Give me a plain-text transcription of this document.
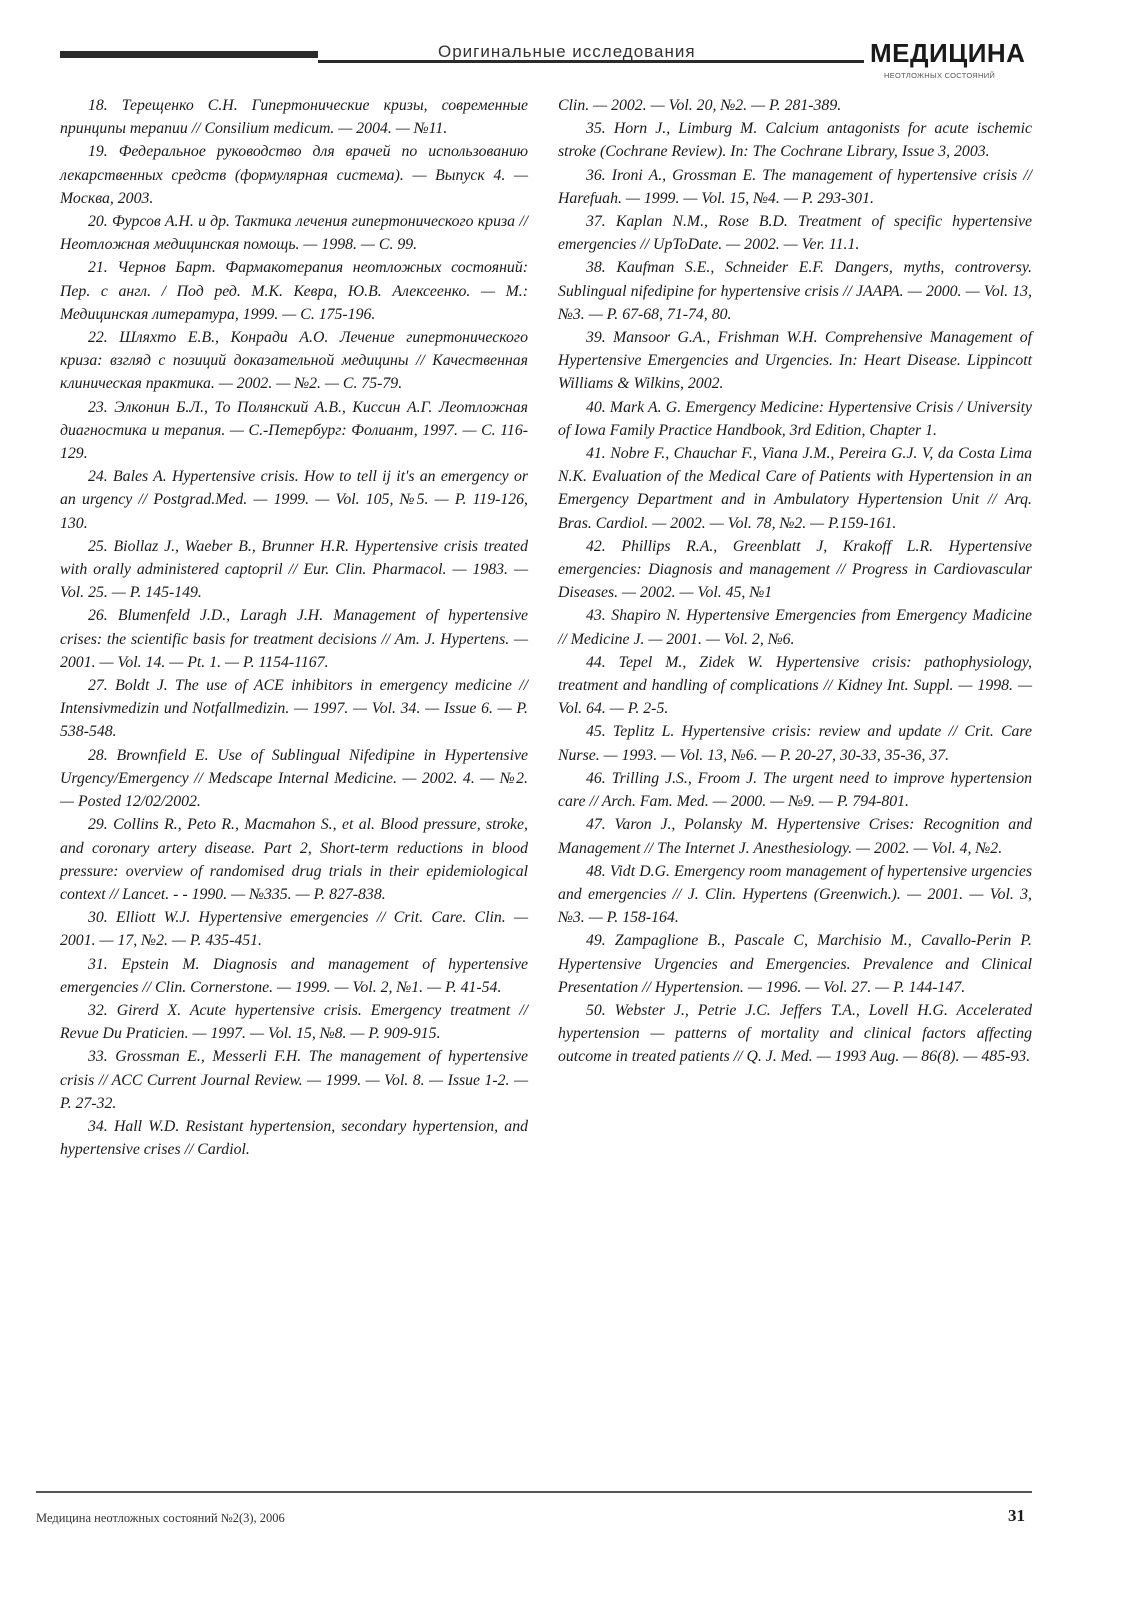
Оригинальные исследования	МЕДИЦИНА
НЕОТЛОЖНЫХ СОСТОЯНИЙ

18. Терещенко С.Н. Гипертонические кризы, современные принципы терапии // Consilium medicum. — 2004. — №11.

19. Федеральное руководство для врачей по использованию лекарственных средств (формулярная система). — Выпуск 4. — Москва, 2003.

20. Фурсов А.Н. и др. Тактика лечения гипертонического криза // Неотложная медицинская помощь. — 1998. — С. 99.

21. Чернов Барт. Фармакотерапия неотложных состояний: Пер. с англ. / Под ред. М.К. Кевра, Ю.В. Алексеенко. — М.: Медицинская литература, 1999. — С. 175-196.

22. Шляхто Е.В., Конради А.О. Лечение гипертонического криза: взгляд с позиций доказательной медицины // Качественная клиническая практика. — 2002. — №2. — С. 75-79.

23. Элконин Б.Л., То Полянский А.В., Киссин А.Г. Леотложная диагностика и терапия. — С.-Петербург: Фолиант, 1997. — С. 116-129.

24. Bales A. Hypertensive crisis. How to tell ij it's an emergency or an urgency // Postgrad.Med. — 1999. — Vol. 105, №5. — P. 119-126, 130.

25. Biollaz J., Waeber B., Brunner H.R. Hypertensive crisis treated with orally administered captopril // Eur. Clin. Pharmacol. — 1983. — Vol. 25. — P. 145-149.

26. Blumenfeld J.D., Laragh J.H. Management of hypertensive crises: the scientific basis for treatment decisions // Am. J. Hypertens. — 2001. — Vol. 14. — Pt. 1. — P. 1154-1167.

27. Boldt J. The use of ACE inhibitors in emergency medicine // Intensivmedizin und Notfallmedizin. — 1997. — Vol. 34. — Issue 6. — P. 538-548.

28. Brownfield E. Use of Sublingual Nifedipine in Hypertensive Urgency/Emergency // Medscape Internal Medicine. — 2002. 4. — №2. — Posted 12/02/2002.

29. Collins R., Peto R., Macmahon S., et al. Blood pressure, stroke, and coronary artery disease. Part 2, Short-term reductions in blood pressure: overview of randomised drug trials in their epidemiological context // Lancet. - - 1990. — №335. — P. 827-838.

30. Elliott W.J. Hypertensive emergencies // Crit. Care. Clin. — 2001. — 17, №2. — P. 435-451.

31. Epstein M. Diagnosis and management of hypertensive emergencies // Clin. Cornerstone. — 1999. — Vol. 2, №1. — P. 41-54.

32. Girerd X. Acute hypertensive crisis. Emergency treatment // Revue Du Praticien. — 1997. — Vol. 15, №8. — P. 909-915.

33. Grossman E., Messerli F.H. The management of hypertensive crisis // ACC Current Journal Review. — 1999. — Vol. 8. — Issue 1-2. — P. 27-32.

34. Hall W.D. Resistant hypertension, secondary hypertension, and hypertensive crises // Cardiol.

Clin. — 2002. — Vol. 20, №2. — P. 281-389.

35. Horn J., Limburg M. Calcium antagonists for acute ischemic stroke (Cochrane Review). In: The Cochrane Library, Issue 3, 2003.

36. Ironi A., Grossman E. The management of hypertensive crisis // Harefuah. — 1999. — Vol. 15, №4. — P. 293-301.

37. Kaplan N.M., Rose B.D. Treatment of specific hypertensive emergencies // UpToDate. — 2002. — Ver. 11.1.

38. Kaufman S.E., Schneider E.F. Dangers, myths, controversy. Sublingual nifedipine for hypertensive crisis // JAAPA. — 2000. — Vol. 13, №3. — P. 67-68, 71-74, 80.

39. Mansoor G.A., Frishman W.H. Comprehensive Management of Hypertensive Emergencies and Urgencies. In: Heart Disease. Lippincott Williams & Wilkins, 2002.

40. Mark A. G. Emergency Medicine: Hypertensive Crisis / University of Iowa Family Practice Handbook, 3rd Edition, Chapter 1.

41. Nobre F., Chauchar F., Viana J.M., Pereira G.J. V, da Costa Lima N.K. Evaluation of the Medical Care of Patients with Hypertension in an Emergency Department and in Ambulatory Hypertension Unit // Arq. Bras. Cardiol. — 2002. — Vol. 78, №2. — P.159-161.

42. Phillips R.A., Greenblatt J, Krakoff L.R. Hypertensive emergencies: Diagnosis and management // Progress in Cardiovascular Diseases. — 2002. — Vol. 45, №1

43. Shapiro N. Hypertensive Emergencies from Emergency Madicine // Medicine J. — 2001. — Vol. 2, №6.

44. Tepel M., Zidek W. Hypertensive crisis: pathophysiology, treatment and handling of complications // Kidney Int. Suppl. — 1998. — Vol. 64. — P. 2-5.

45. Teplitz L. Hypertensive crisis: review and update // Crit. Care Nurse. — 1993. — Vol. 13, №6. — P. 20-27, 30-33, 35-36, 37.

46. Trilling J.S., Froom J. The urgent need to improve hypertension care // Arch. Fam. Med. — 2000. — №9. — P. 794-801.

47. Varon J., Polansky M. Hypertensive Crises: Recognition and Management // The Internet J. Anesthesiology. — 2002. — Vol. 4, №2.

48. Vidt D.G. Emergency room management of hypertensive urgencies and emergencies // J. Clin. Hypertens (Greenwich.). — 2001. — Vol. 3, №3. — P. 158-164.

49. Zampaglione B., Pascale C, Marchisio M., Cavallo-Perin P. Hypertensive Urgencies and Emergencies. Prevalence and Clinical Presentation // Hypertension. — 1996. — Vol. 27. — P. 144-147.

50. Webster J., Petrie J.C. Jeffers T.A., Lovell H.G. Accelerated hypertension — patterns of mortality and clinical factors affecting outcome in treated patients // Q. J. Med. — 1993 Aug. — 86(8). — 485-93.

Медицина неотложных состояний №2(3), 2006	31
